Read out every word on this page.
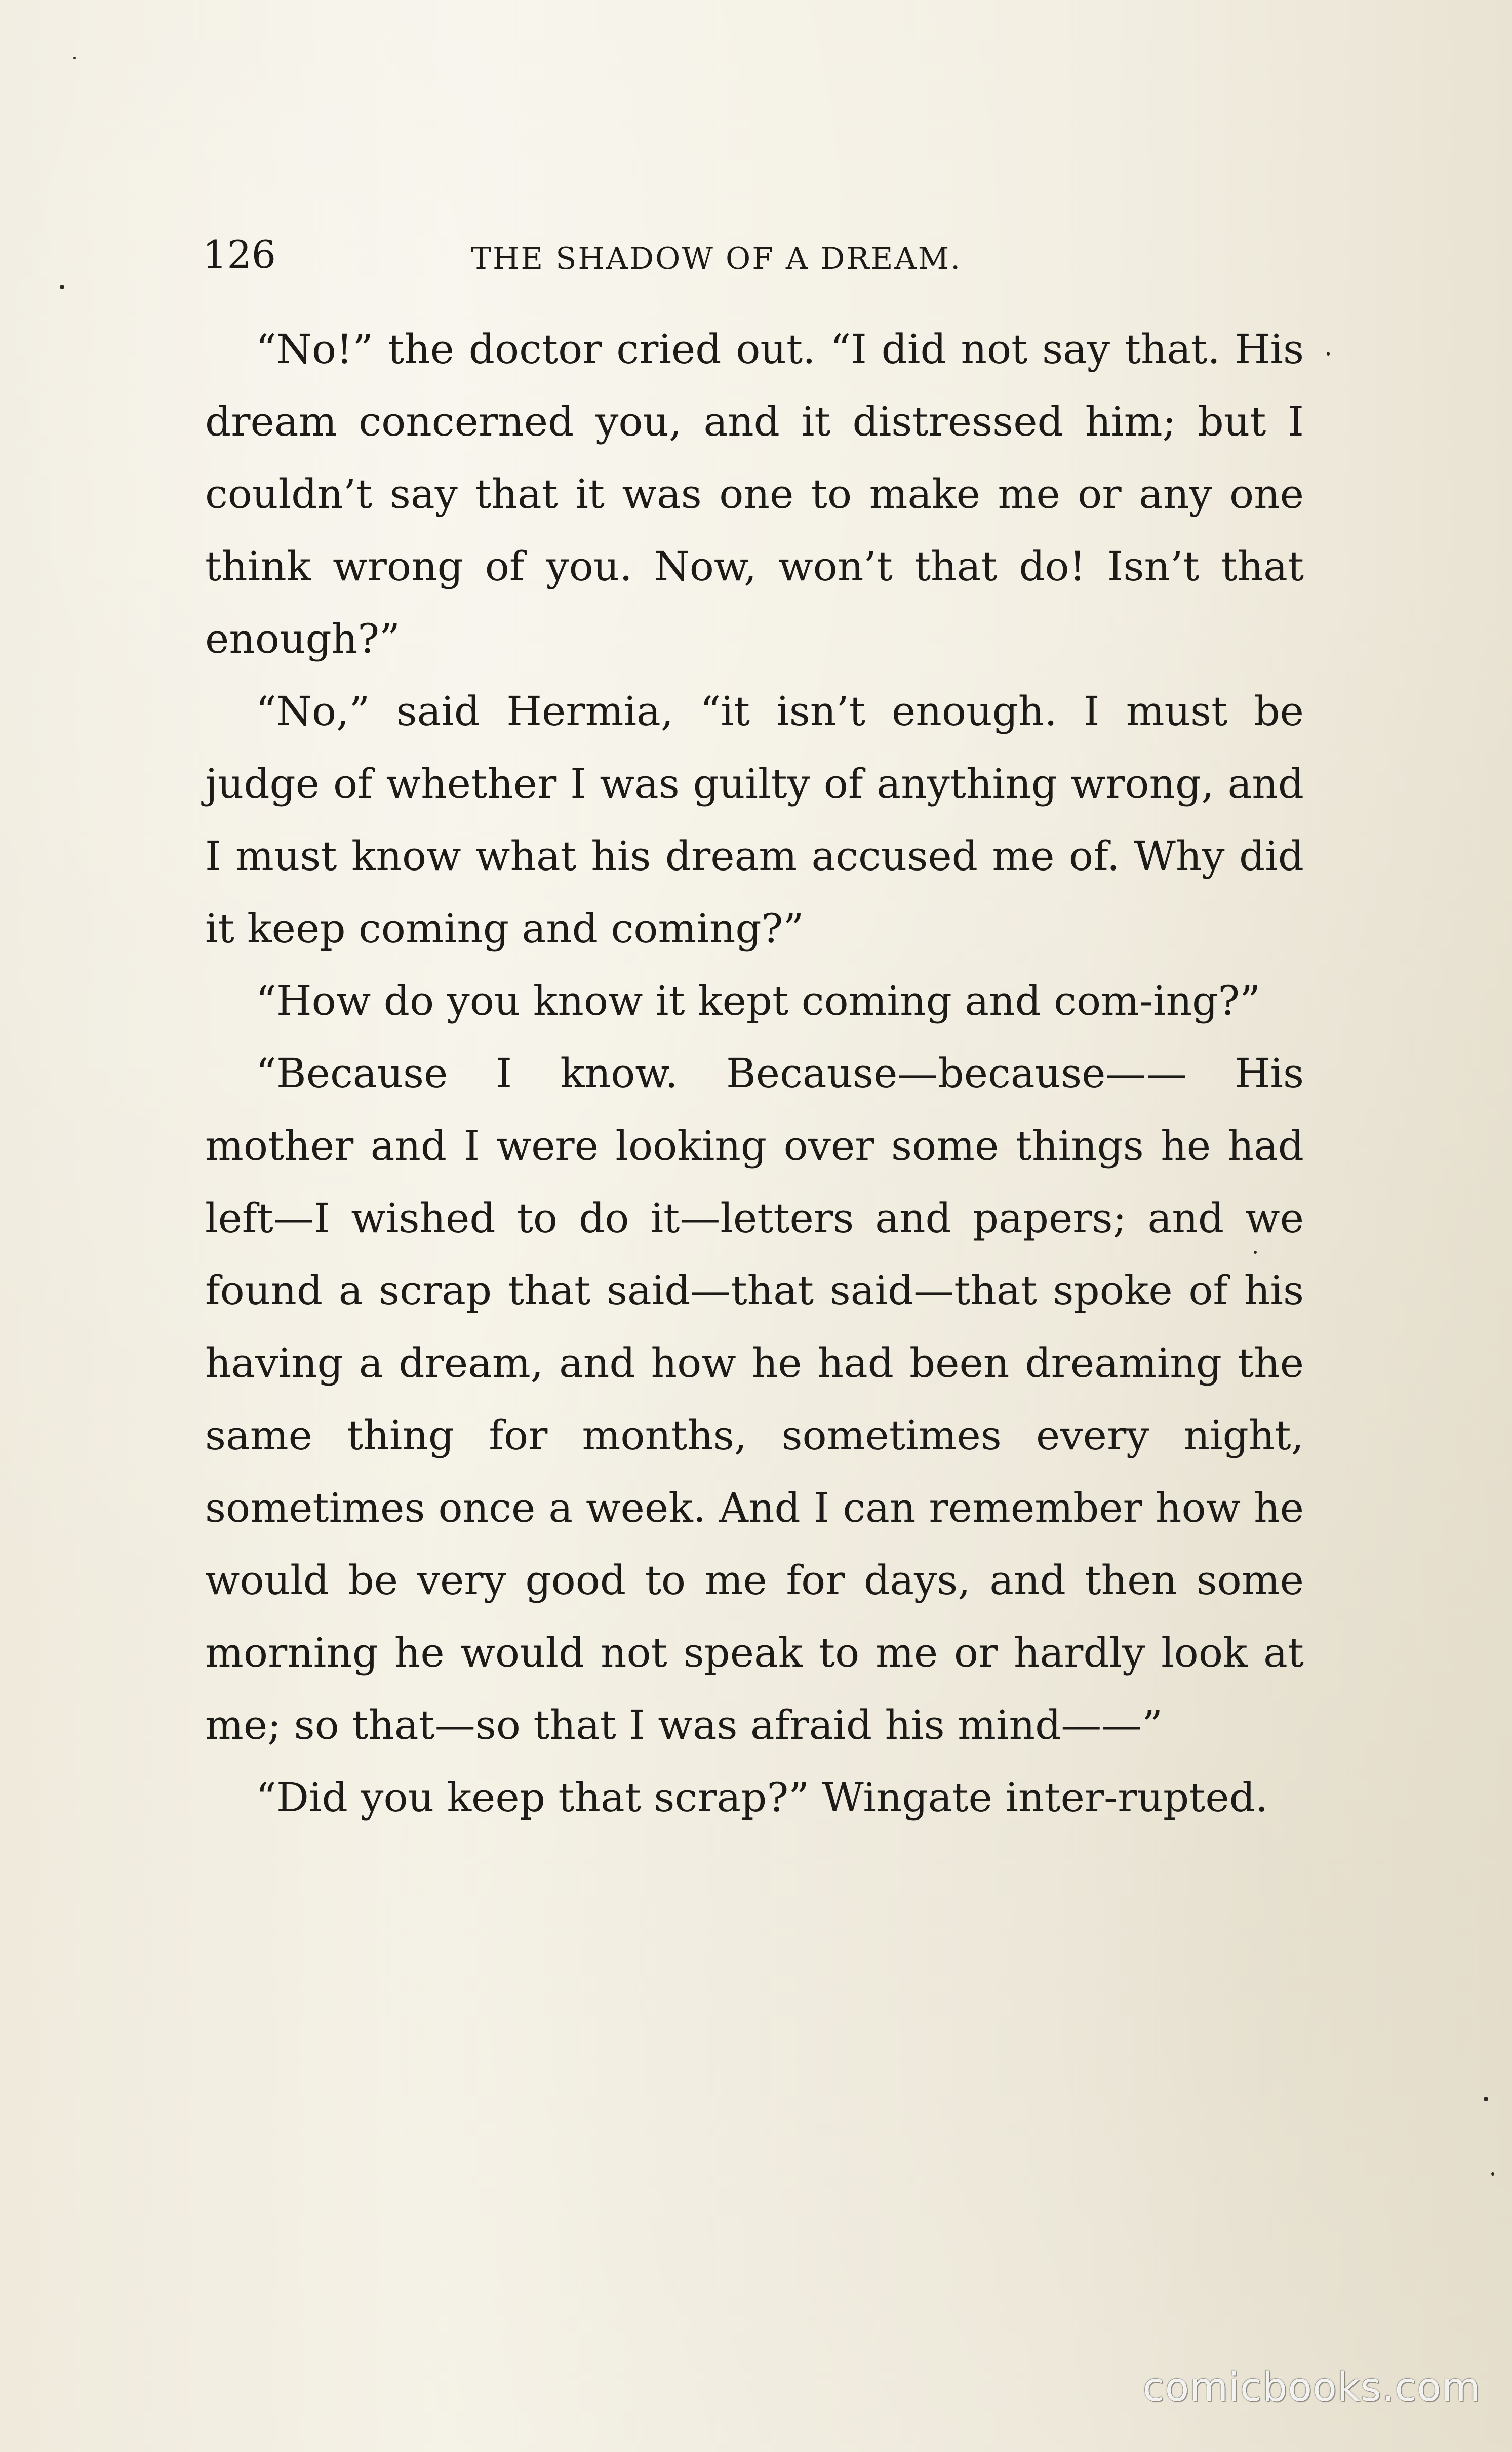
126	THE SHADOW OF A DREAM.

“No!” the doctor cried out. “I did not say that. His dream concerned you, and it distressed him; but I couldn’t say that it was one to make me or any one think wrong of you. Now, won’t that do! Isn’t that enough?”

“No,” said Hermia, “it isn’t enough. I must be judge of whether I was guilty of anything wrong, and I must know what his dream accused me of. Why did it keep coming and coming?”

“How do you know it kept coming and com-ing?”

“Because I know. Because—because—— His mother and I were looking over some things he had left—I wished to do it—letters and papers; and we found a scrap that said—that said—that spoke of his having a dream, and how he had been dreaming the same thing for months, sometimes every night, sometimes once a week. And I can remember how he would be very good to me for days, and then some morning he would not speak to me or hardly look at me; so that—so that I was afraid his mind——”

“Did you keep that scrap?” Wingate inter-rupted.

comicbooks.com
